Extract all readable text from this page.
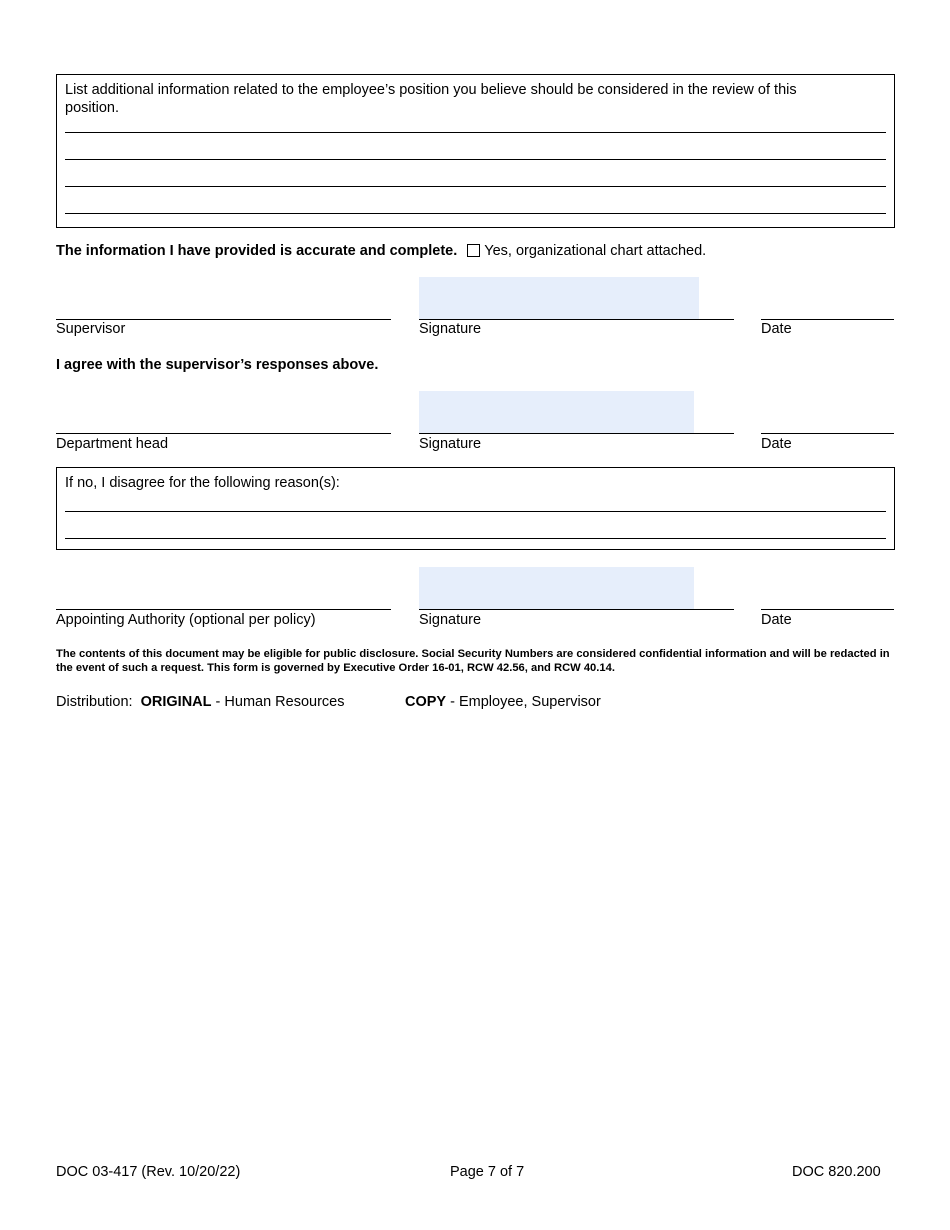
List additional information related to the employee’s position you believe should be considered in the review of this position.
The information I have provided is accurate and complete. Yes, organizational chart attached.
Supervisor	Signature	Date
I agree with the supervisor’s responses above.
Department head	Signature	Date
If no, I disagree for the following reason(s):
Appointing Authority (optional per policy)	Signature	Date
The contents of this document may be eligible for public disclosure. Social Security Numbers are considered confidential information and will be redacted in the event of such a request. This form is governed by Executive Order 16-01, RCW 42.56, and RCW 40.14.
Distribution: ORIGINAL - Human Resources	COPY - Employee, Supervisor
DOC 03-417 (Rev. 10/20/22)	Page 7 of 7	DOC 820.200
